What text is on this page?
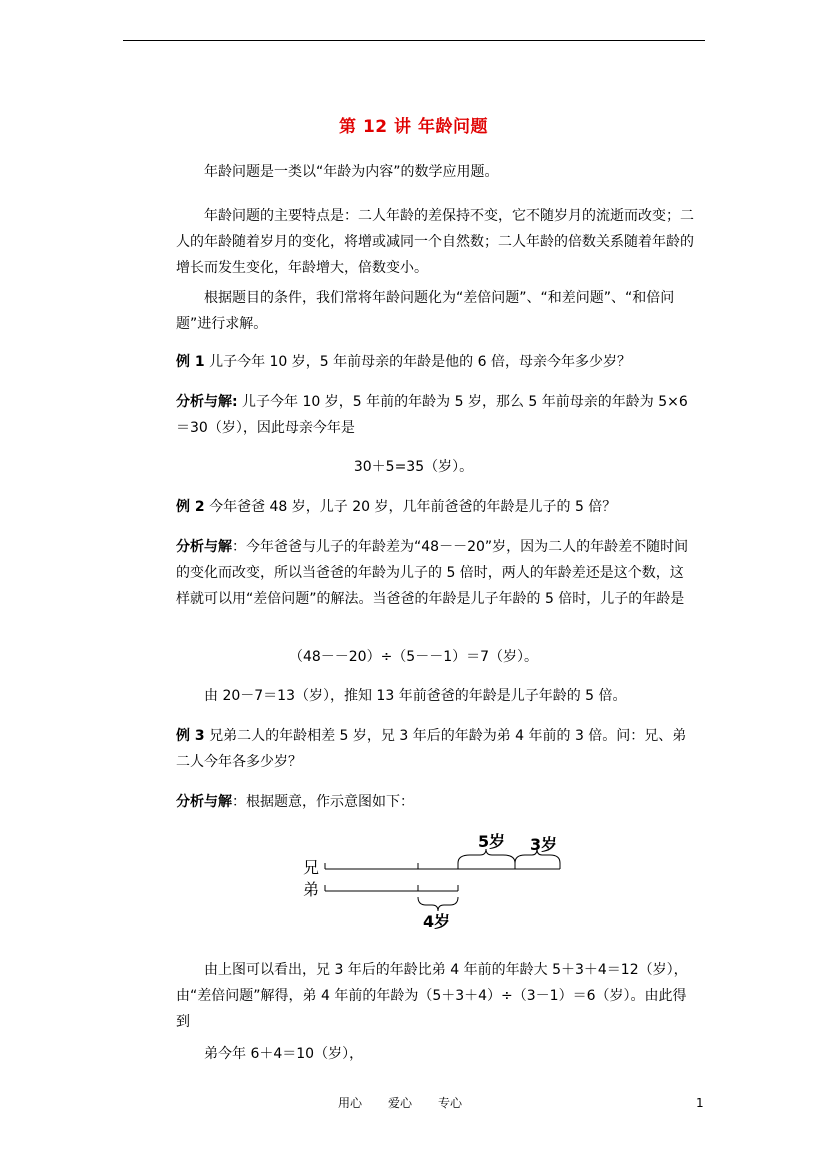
第 12 讲 年龄问题
年龄问题是一类以“年龄为内容”的数学应用题。
年龄问题的主要特点是：二人年龄的差保持不变，它不随岁月的流逝而改变；二人的年龄随着岁月的变化，将增或减同一个自然数；二人年龄的倍数关系随着年龄的增长而发生变化，年龄增大，倍数变小。
根据题目的条件，我们常将年龄问题化为“差倍问题”、“和差问题”、“和倍问题”进行求解。
例 1 儿子今年 10 岁，5 年前母亲的年龄是他的 6 倍，母亲今年多少岁？
分析与解: 儿子今年 10 岁，5 年前的年龄为 5 岁，那么 5 年前母亲的年龄为 5×6＝30（岁），因此母亲今年是
30＋5=35（岁）。
例 2 今年爸爸 48 岁，儿子 20 岁，几年前爸爸的年龄是儿子的 5 倍？
分析与解：今年爸爸与儿子的年龄差为“48－－20”岁，因为二人的年龄差不随时间的变化而改变，所以当爸爸的年龄为儿子的 5 倍时，两人的年龄差还是这个数，这样就可以用“差倍问题”的解法。当爸爸的年龄是儿子年龄的 5 倍时，儿子的年龄是
（48－－20）÷（5－－1）＝7（岁）。
由 20－7＝13（岁），推知 13 年前爸爸的年龄是儿子年龄的 5 倍。
例 3 兄弟二人的年龄相差 5 岁，兄 3 年后的年龄为弟 4 年前的 3 倍。问：兄、弟二人今年各多少岁？
分析与解：根据题意，作示意图如下：
兄
弟
5岁 3岁
4岁
由上图可以看出，兄 3 年后的年龄比弟 4 年前的年龄大 5＋3＋4＝12（岁），由“差倍问题”解得，弟 4 年前的年龄为（5＋3＋4）÷（3－1）＝6（岁）。由此得到
弟今年 6＋4＝10（岁），
用心 爱心 专心	1
